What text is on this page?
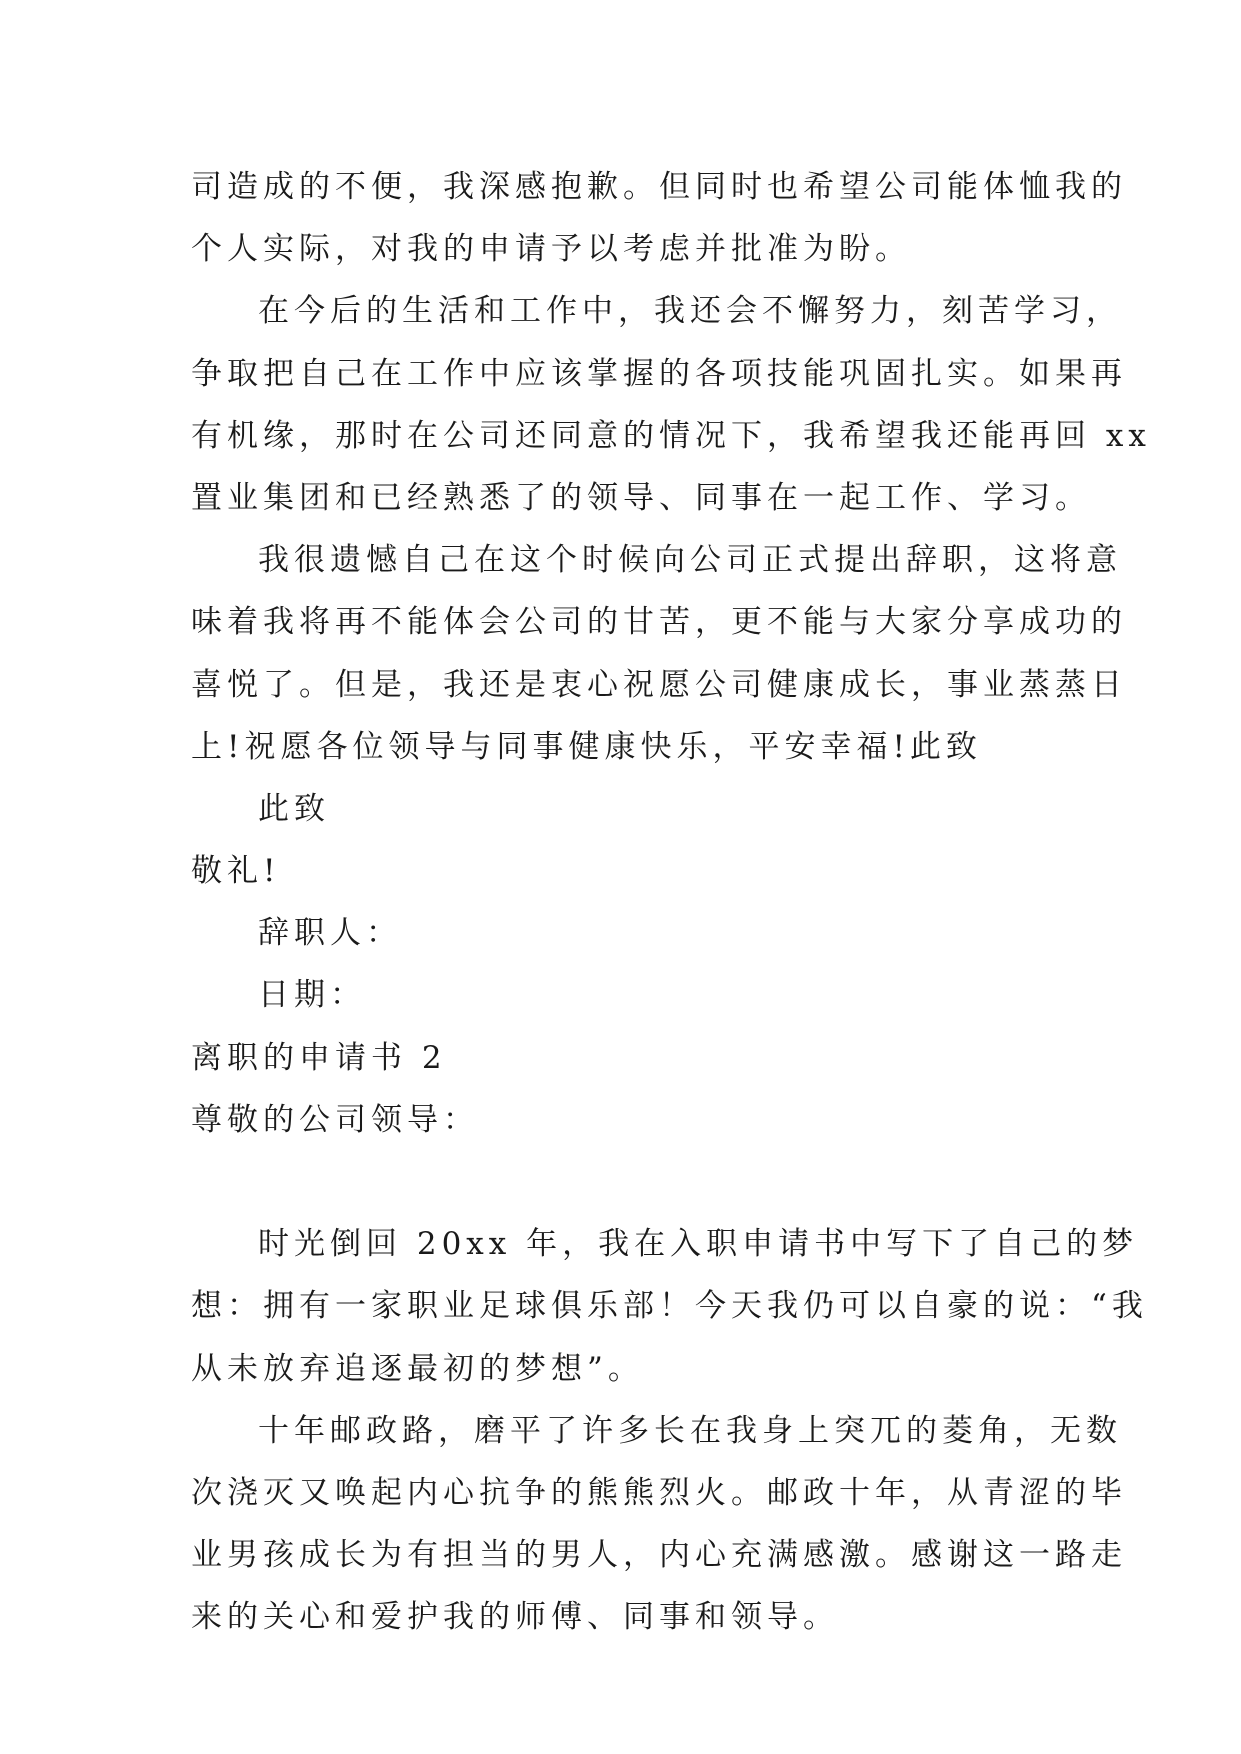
司造成的不便，我深感抱歉。但同时也希望公司能体恤我的
个人实际，对我的申请予以考虑并批准为盼。
在今后的生活和工作中，我还会不懈努力，刻苦学习，
争取把自己在工作中应该掌握的各项技能巩固扎实。如果再
有机缘，那时在公司还同意的情况下，我希望我还能再回 xx
置业集团和已经熟悉了的领导、同事在一起工作、学习。
我很遗憾自己在这个时候向公司正式提出辞职，这将意
味着我将再不能体会公司的甘苦，更不能与大家分享成功的
喜悦了。但是，我还是衷心祝愿公司健康成长，事业蒸蒸日
上!祝愿各位领导与同事健康快乐，平安幸福!此致
此致
敬礼!
辞职人：
日期：
离职的申请书 2
尊敬的公司领导：
时光倒回 20xx 年，我在入职申请书中写下了自己的梦
想：拥有一家职业足球俱乐部！今天我仍可以自豪的说：“我
从未放弃追逐最初的梦想”。
十年邮政路，磨平了许多长在我身上突兀的菱角，无数
次浇灭又唤起内心抗争的熊熊烈火。邮政十年，从青涩的毕
业男孩成长为有担当的男人，内心充满感激。感谢这一路走
来的关心和爱护我的师傅、同事和领导。
